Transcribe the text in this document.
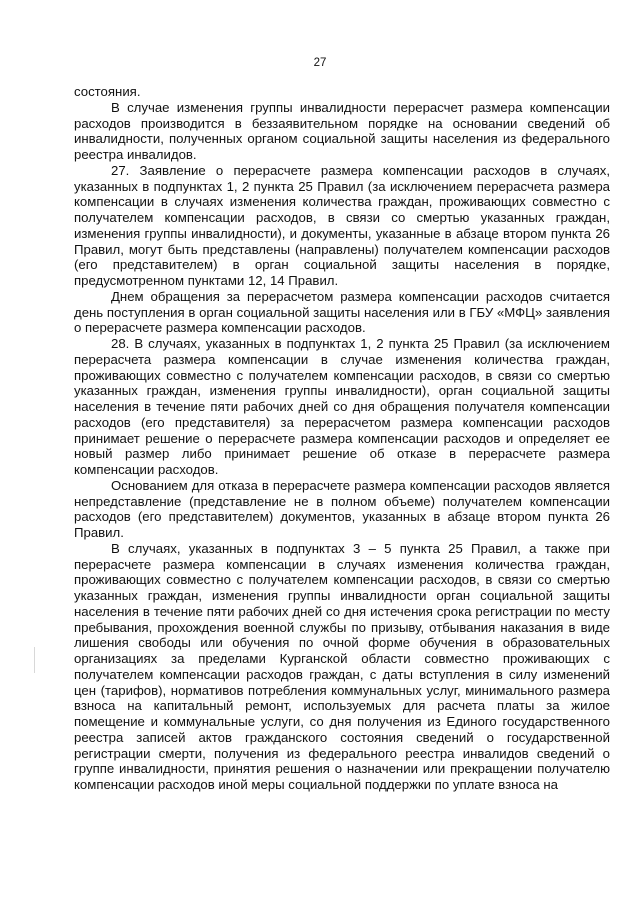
27

состояния.

В случае изменения группы инвалидности перерасчет размера компенсации расходов производится в беззаявительном порядке на основании сведений об инвалидности, полученных органом социальной защиты населения из федерального реестра инвалидов.

27. Заявление о перерасчете размера компенсации расходов в случаях, указанных в подпунктах 1, 2 пункта 25 Правил (за исключением перерасчета размера компенсации в случаях изменения количества граждан, проживающих совместно с получателем компенсации расходов, в связи со смертью указанных граждан, изменения группы инвалидности), и документы, указанные в абзаце втором пункта 26 Правил, могут быть представлены (направлены) получателем компенсации расходов (его представителем) в орган социальной защиты населения в порядке, предусмотренном пунктами 12, 14 Правил.

Днем обращения за перерасчетом размера компенсации расходов считается день поступления в орган социальной защиты населения или в ГБУ «МФЦ» заявления о перерасчете размера компенсации расходов.

28. В случаях, указанных в подпунктах 1, 2 пункта 25 Правил (за исключением перерасчета размера компенсации в случае изменения количества граждан, проживающих совместно с получателем компенсации расходов, в связи со смертью указанных граждан, изменения группы инвалидности), орган социальной защиты населения в течение пяти рабочих дней со дня обращения получателя компенсации расходов (его представителя) за перерасчетом размера компенсации расходов принимает решение о перерасчете размера компенсации расходов и определяет ее новый размер либо принимает решение об отказе в перерасчете размера компенсации расходов.

Основанием для отказа в перерасчете размера компенсации расходов является непредставление (представление не в полном объеме) получателем компенсации расходов (его представителем) документов, указанных в абзаце втором пункта 26 Правил.

В случаях, указанных в подпунктах 3 – 5 пункта 25 Правил, а также при перерасчете размера компенсации в случаях изменения количества граждан, проживающих совместно с получателем компенсации расходов, в связи со смертью указанных граждан, изменения группы инвалидности орган социальной защиты населения в течение пяти рабочих дней со дня истечения срока регистрации по месту пребывания, прохождения военной службы по призыву, отбывания наказания в виде лишения свободы или обучения по очной форме обучения в образовательных организациях за пределами Курганской области совместно проживающих с получателем компенсации расходов граждан, с даты вступления в силу изменений цен (тарифов), нормативов потребления коммунальных услуг, минимального размера взноса на капитальный ремонт, используемых для расчета платы за жилое помещение и коммунальные услуги, со дня получения из Единого государственного реестра записей актов гражданского состояния сведений о государственной регистрации смерти, получения из федерального реестра инвалидов сведений о группе инвалидности, принятия решения о назначении или прекращении получателю компенсации расходов иной меры социальной поддержки по уплате взноса на
